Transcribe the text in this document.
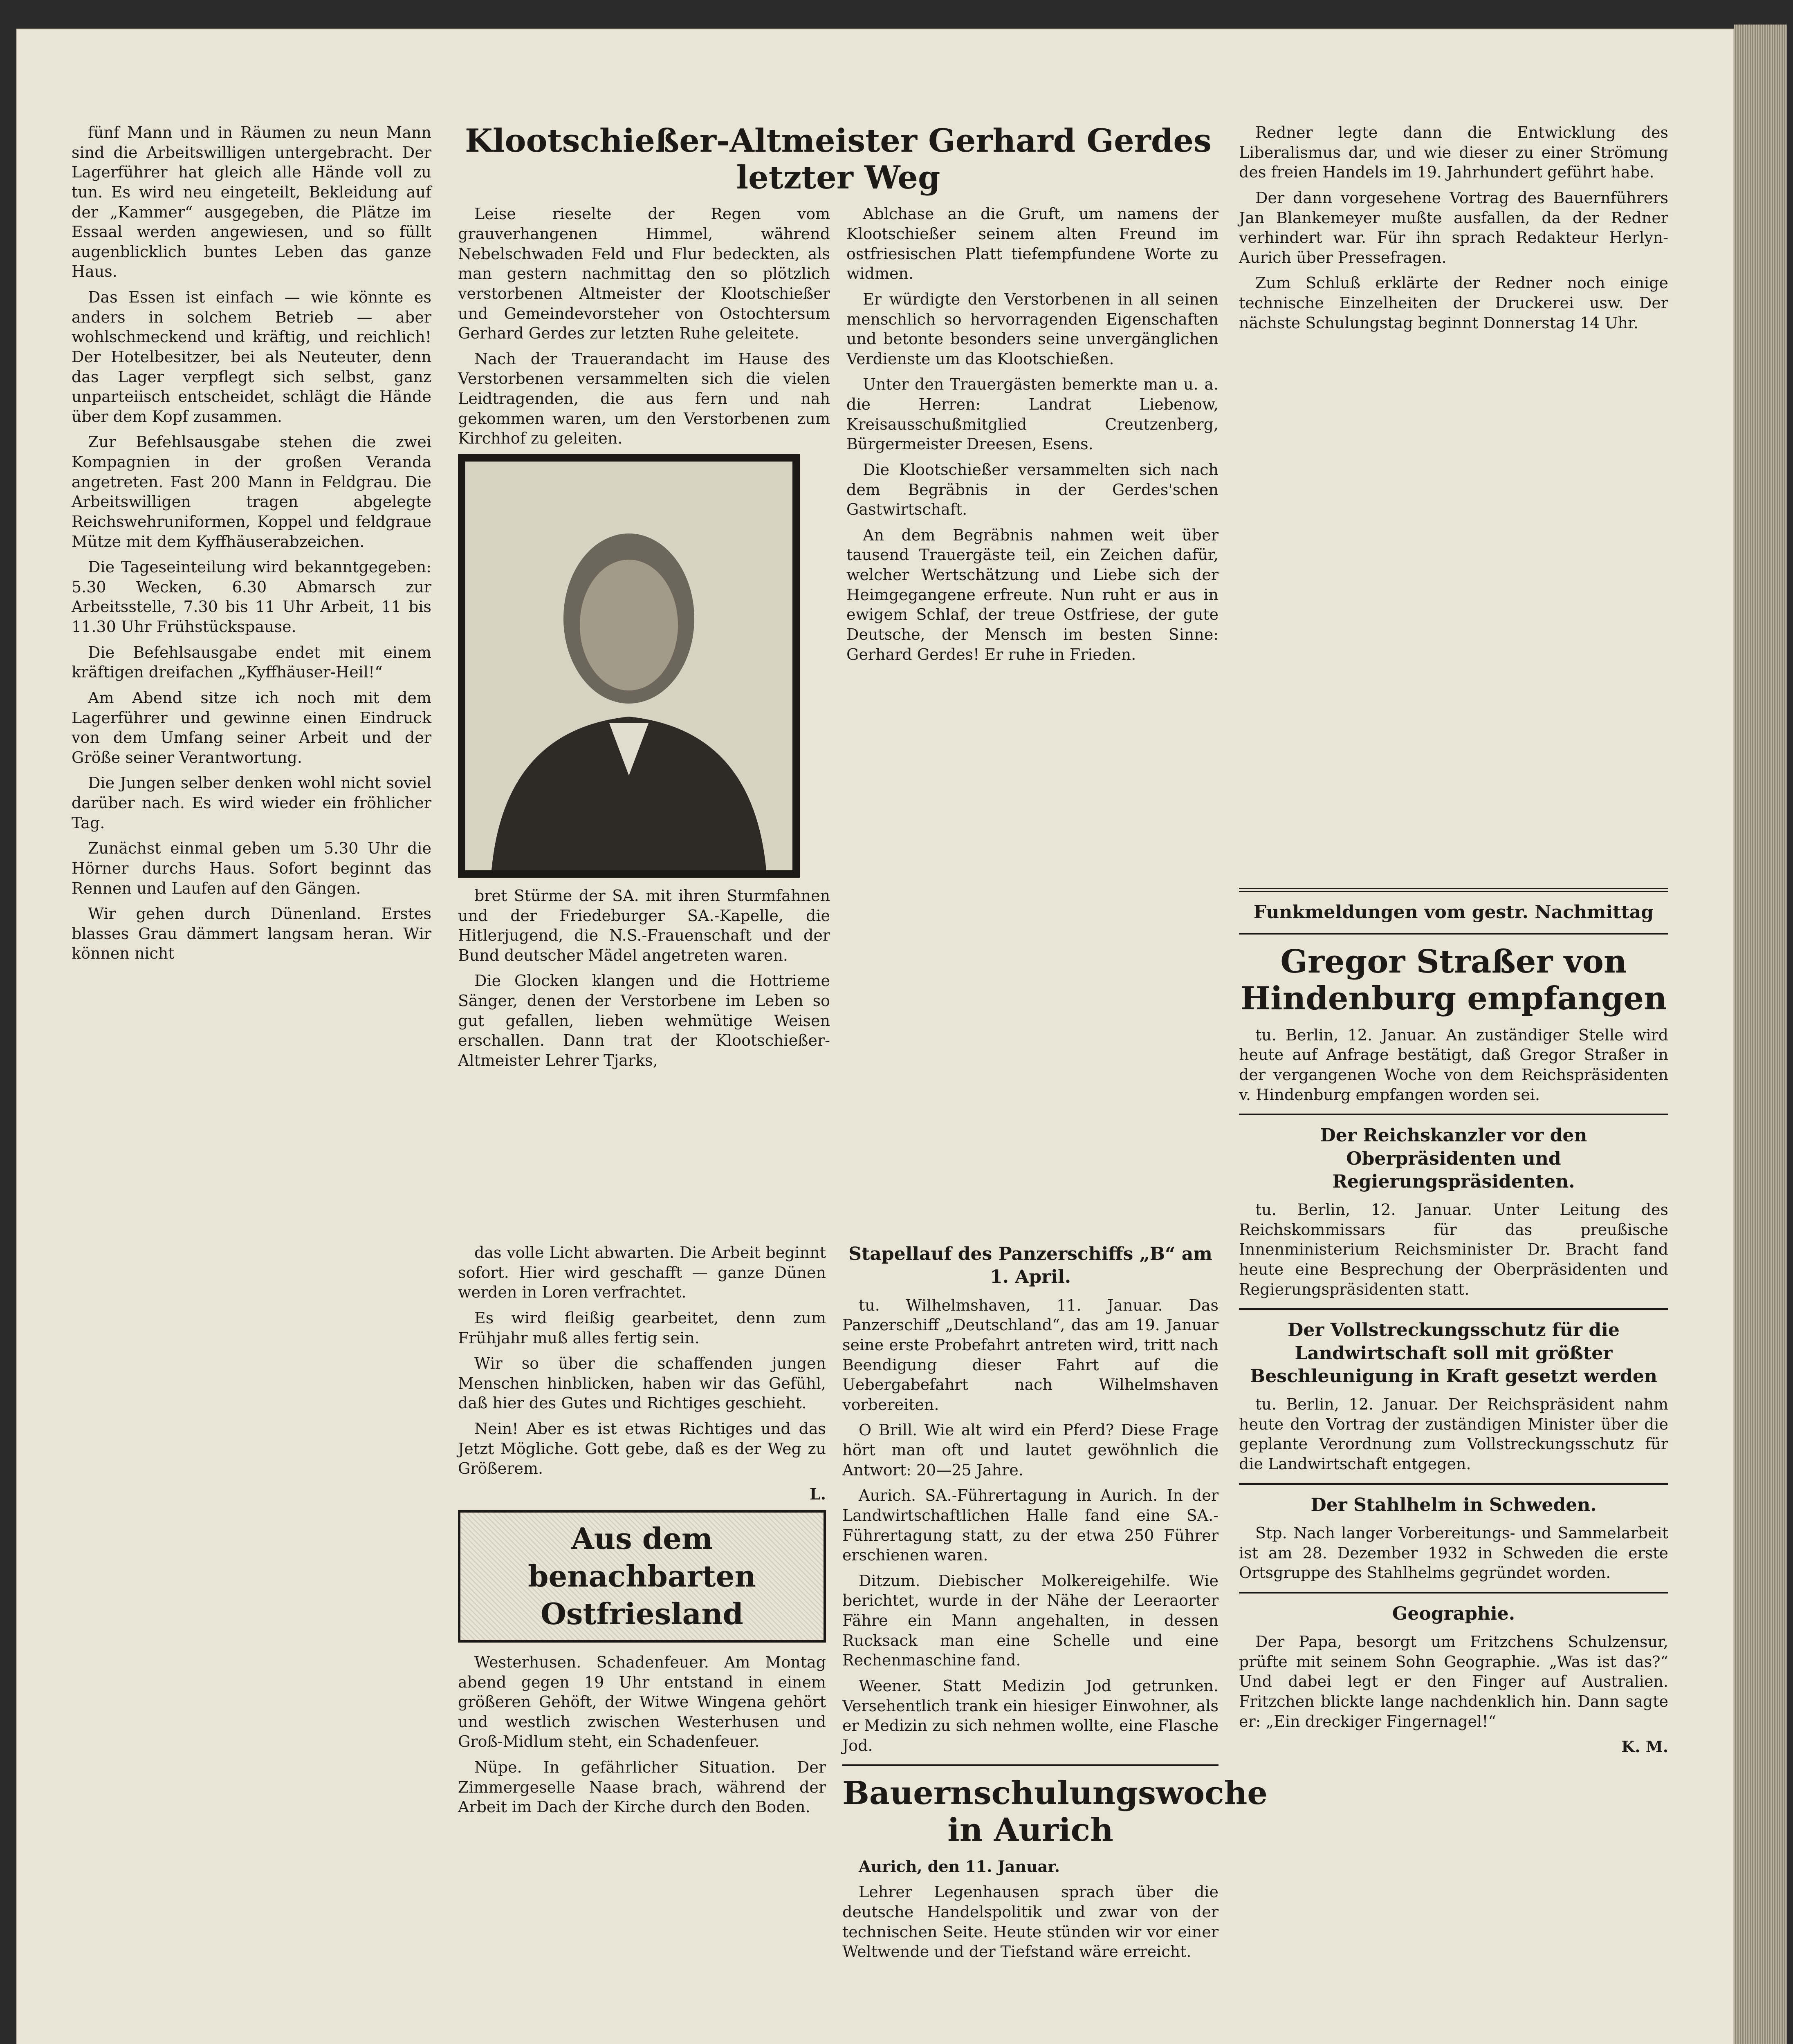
fünf Mann und in Räumen zu neun Mann sind die Arbeitswilligen untergebracht. Der Lagerführer hat gleich alle Hände voll zu tun. Es wird neu eingeteilt, Bekleidung auf der „Kammer“ ausgegeben, die Plätze im Essaal werden angewiesen, und so füllt augenblicklich buntes Leben das ganze Haus.

Das Essen ist einfach — wie könnte es anders in solchem Betrieb — aber wohlschmeckend und kräftig, und reichlich! Der Hotelbesitzer, bei als Neuteuter, denn das Lager verpflegt sich selbst, ganz unparteiisch entscheidet, schlägt die Hände über dem Kopf zusammen.

Zur Befehlsausgabe stehen die zwei Kompagnien in der großen Veranda angetreten. Fast 200 Mann in Feldgrau. Die Arbeitswilligen tragen abgelegte Reichswehruniformen, Koppel und feldgraue Mütze mit dem Kyffhäuserabzeichen.

Die Tageseinteilung wird bekanntgegeben: 5.30 Wecken, 6.30 Abmarsch zur Arbeitsstelle, 7.30 bis 11 Uhr Arbeit, 11 bis 11.30 Uhr Frühstückspause.

Die Befehlsausgabe endet mit einem kräftigen dreifachen „Kyffhäuser-Heil!“

Am Abend sitze ich noch mit dem Lagerführer und gewinne einen Eindruck von dem Umfang seiner Arbeit und der Größe seiner Verantwortung.

Die Jungen selber denken wohl nicht soviel darüber nach. Es wird wieder ein fröhlicher Tag.

Zunächst einmal geben um 5.30 Uhr die Hörner durchs Haus. Sofort beginnt das Rennen und Laufen auf den Gängen.

Wir gehen durch Dünenland. Erstes blasses Grau dämmert langsam heran. Wir können nicht

Klootschießer-Altmeister Gerhard Gerdes letzter Weg

Leise rieselte der Regen vom grauverhangenen Himmel, während Nebelschwaden Feld und Flur bedeckten, als man gestern nachmittag den so plötzlich verstorbenen Altmeister der Klootschießer und Gemeindevorsteher von Ostochtersum Gerhard Gerdes zur letzten Ruhe geleitete.

Nach der Trauerandacht im Hause des Verstorbenen versammelten sich die vielen Leidtragenden, die aus fern und nah gekommen waren, um den Verstorbenen zum Kirchhof zu geleiten.

bret Stürme der SA. mit ihren Sturmfahnen und der Friedeburger SA.-Kapelle, die Hitlerjugend, die N.S.-Frauenschaft und der Bund deutscher Mädel angetreten waren.

Die Glocken klangen und die Hottrieme Sänger, denen der Verstorbene im Leben so gut gefallen, lieben wehmütige Weisen erschallen. Dann trat der Klootschießer-Altmeister Lehrer Tjarks,

Ablchase an die Gruft, um namens der Klootschießer seinem alten Freund im ostfriesischen Platt tiefempfundene Worte zu widmen.

Er würdigte den Verstorbenen in all seinen menschlich so hervorragenden Eigenschaften und betonte besonders seine unvergänglichen Verdienste um das Klootschießen.

Unter den Trauergästen bemerkte man u. a. die Herren: Landrat Liebenow, Kreisausschußmitglied Creutzenberg, Bürgermeister Dreesen, Esens.

Die Klootschießer versammelten sich nach dem Begräbnis in der Gerdes'schen Gastwirtschaft.

An dem Begräbnis nahmen weit über tausend Trauergäste teil, ein Zeichen dafür, welcher Wertschätzung und Liebe sich der Heimgegangene erfreute. Nun ruht er aus in ewigem Schlaf, der treue Ostfriese, der gute Deutsche, der Mensch im besten Sinne: Gerhard Gerdes! Er ruhe in Frieden.

Redner legte dann die Entwicklung des Liberalismus dar, und wie dieser zu einer Strömung des freien Handels im 19. Jahrhundert geführt habe.

Der dann vorgesehene Vortrag des Bauernführers Jan Blankemeyer mußte ausfallen, da der Redner verhindert war. Für ihn sprach Redakteur Herlyn-Aurich über Pressefragen.

Zum Schluß erklärte der Redner noch einige technische Einzelheiten der Druckerei usw. Der nächste Schulungstag beginnt Donnerstag 14 Uhr.

Funkmeldungen vom gestr. Nachmittag
Gregor Straßer von Hindenburg empfangen

tu. Berlin, 12. Januar. An zuständiger Stelle wird heute auf Anfrage bestätigt, daß Gregor Straßer in der vergangenen Woche von dem Reichspräsidenten v. Hindenburg empfangen worden sei.

Der Reichskanzler vor den Oberpräsidenten und Regierungspräsidenten.

tu. Berlin, 12. Januar. Unter Leitung des Reichskommissars für das preußische Innenministerium Reichsminister Dr. Bracht fand heute eine Besprechung der Oberpräsidenten und Regierungspräsidenten statt.

Der Vollstreckungsschutz für die Landwirtschaft soll mit größter Beschleunigung in Kraft gesetzt werden

tu. Berlin, 12. Januar. Der Reichspräsident nahm heute den Vortrag der zuständigen Minister über die geplante Verordnung zum Vollstreckungsschutz für die Landwirtschaft entgegen.

Der Stahlhelm in Schweden.

Stp. Nach langer Vorbereitungs- und Sammelarbeit ist am 28. Dezember 1932 in Schweden die erste Ortsgruppe des Stahlhelms gegründet worden.

Geographie.

Der Papa, besorgt um Fritzchens Schulzensur, prüfte mit seinem Sohn Geographie. „Was ist das?“ Und dabei legt er den Finger auf Australien. Fritzchen blickte lange nachdenklich hin. Dann sagte er: „Ein dreckiger Fingernagel!“

K. M.

das volle Licht abwarten. Die Arbeit beginnt sofort. Hier wird geschafft — ganze Dünen werden in Loren verfrachtet.

Es wird fleißig gearbeitet, denn zum Frühjahr muß alles fertig sein.

Wir so über die schaffenden jungen Menschen hinblicken, haben wir das Gefühl, daß hier des Gutes und Richtiges geschieht.

Nein! Aber es ist etwas Richtiges und das Jetzt Mögliche. Gott gebe, daß es der Weg zu Größerem.

L.

Aus dem benachbarten Ostfriesland

Westerhusen. Schadenfeuer. Am Montag abend gegen 19 Uhr entstand in einem größeren Gehöft, der Witwe Wingena gehört und westlich zwischen Westerhusen und Groß-Midlum steht, ein Schadenfeuer.

Nüpe. In gefährlicher Situation. Der Zimmergeselle Naase brach, während der Arbeit im Dach der Kirche durch den Boden.

Stapellauf des Panzerschiffs „B“ am 1. April.

tu. Wilhelmshaven, 11. Januar. Das Panzerschiff „Deutschland“, das am 19. Januar seine erste Probefahrt antreten wird, tritt nach Beendigung dieser Fahrt auf die Uebergabefahrt nach Wilhelmshaven vorbereiten.

O Brill. Wie alt wird ein Pferd? Diese Frage hört man oft und lautet gewöhnlich die Antwort: 20—25 Jahre.

Aurich. SA.-Führertagung in Aurich. In der Landwirtschaftlichen Halle fand eine SA.-Führertagung statt, zu der etwa 250 Führer erschienen waren.

Ditzum. Diebischer Molkereigehilfe. Wie berichtet, wurde in der Nähe der Leeraorter Fähre ein Mann angehalten, in dessen Rucksack man eine Schelle und eine Rechenmaschine fand.

Weener. Statt Medizin Jod getrunken. Versehentlich trank ein hiesiger Einwohner, als er Medizin zu sich nehmen wollte, eine Flasche Jod.

Bauernschulungswoche in Aurich

Aurich, den 11. Januar.

Lehrer Legenhausen sprach über die deutsche Handelspolitik und zwar von der technischen Seite. Heute stünden wir vor einer Weltwende und der Tiefstand wäre erreicht.
